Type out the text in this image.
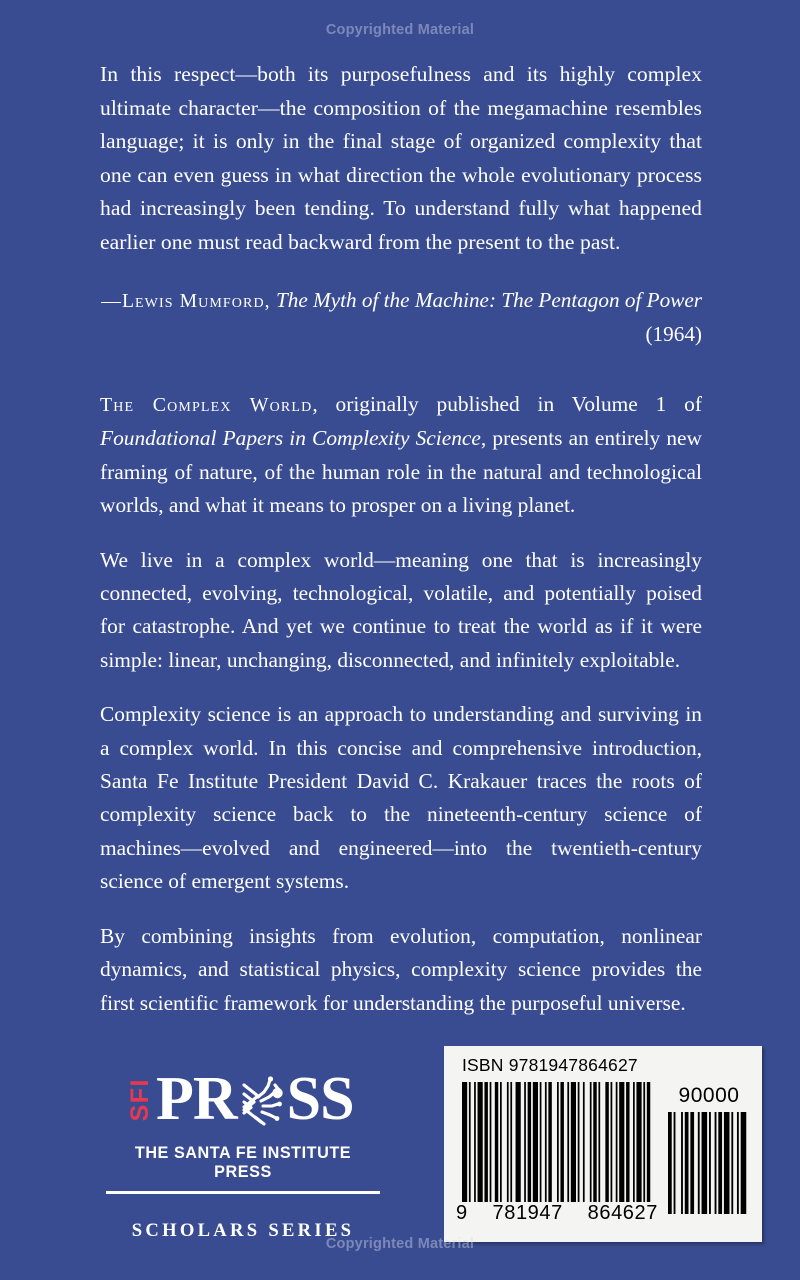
Copyrighted Material

In this respect—both its purposefulness and its highly complex ultimate character—the composition of the megamachine resembles language; it is only in the final stage of organized complexity that one can even guess in what direction the whole evolutionary process had increasingly been tending. To understand fully what happened earlier one must read backward from the present to the past.

—Lewis Mumford, The Myth of the Machine: The Pentagon of Power (1964)

The Complex World, originally published in Volume 1 of Foundational Papers in Complexity Science, presents an entirely new framing of nature, of the human role in the natural and technological worlds, and what it means to prosper on a living planet.

We live in a complex world—meaning one that is increasingly connected, evolving, technological, volatile, and potentially poised for catastrophe. And yet we continue to treat the world as if it were simple: linear, unchanging, disconnected, and infinitely exploitable.

Complexity science is an approach to understanding and surviving in a complex world. In this concise and comprehensive introduction, Santa Fe Institute President David C. Krakauer traces the roots of complexity science back to the nineteenth-century science of machines—evolved and engineered—into the twentieth-century science of emergent systems.

By combining insights from evolution, computation, nonlinear dynamics, and statistical physics, complexity science provides the first scientific framework for understanding the purposeful universe.

SFI PR SS
THE SANTA FE INSTITUTE PRESS
SCHOLARS SERIES
ISBN 9781947864627
90000
9 781947 864627
Copyrighted Material
